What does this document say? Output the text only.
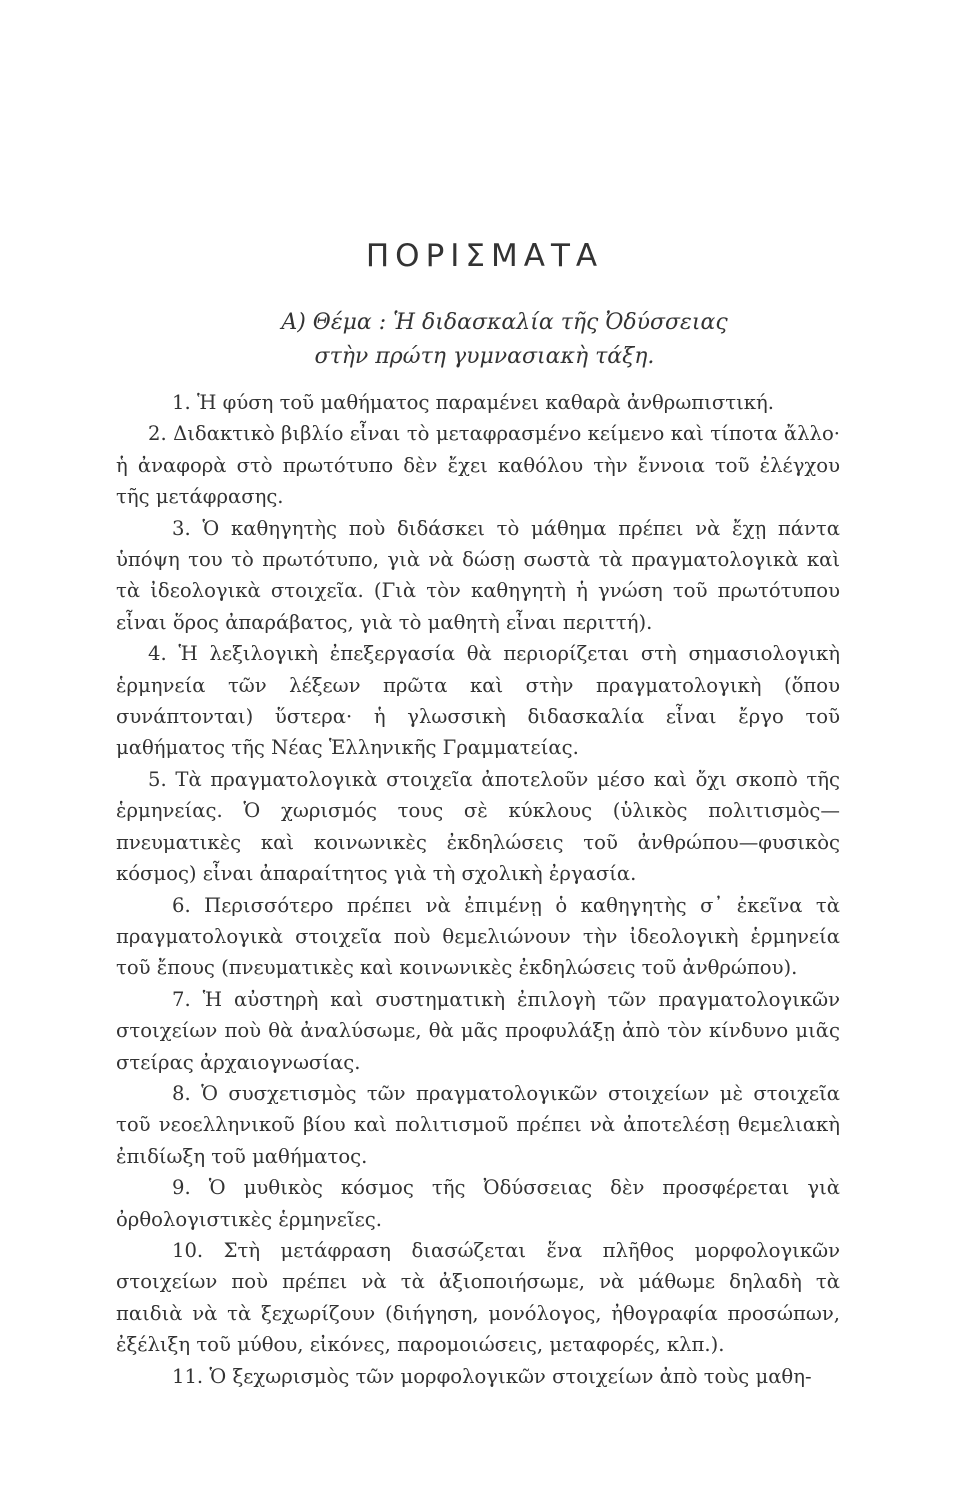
ΠΟΡΙΣΜΑΤΑ
Α) Θέμα : Ἡ διδασκαλία τῆς Ὀδύσσειας
στὴν πρώτη γυμνασιακὴ τάξη.

1. Ἡ φύση τοῦ μαθήματος παραμένει καθαρὰ ἀνθρωπιστική.

2. Διδακτικὸ βιβλίο εἶναι τὸ μεταφρασμένο κείμενο καὶ τίποτα ἄλλο· ἡ ἀναφορὰ στὸ πρωτότυπο δὲν ἔχει καθόλου τὴν ἔννοια τοῦ ἐλέγχου τῆς μετάφρασης.

3. Ὁ καθηγητὴς ποὺ διδάσκει τὸ μάθημα πρέπει νὰ ἔχῃ πάντα ὑπόψη του τὸ πρωτότυπο, γιὰ νὰ δώσῃ σωστὰ τὰ πραγματολογικὰ καὶ τὰ ἰδεολογικὰ στοιχεῖα. (Γιὰ τὸν καθηγητὴ ἡ γνώση τοῦ πρωτότυπου εἶναι ὅρος ἀπαράβατος, γιὰ τὸ μαθητὴ εἶναι περιττή).

4. Ἡ λεξιλογικὴ ἐπεξεργασία θὰ περιορίζεται στὴ σημασιολογικὴ ἑρμηνεία τῶν λέξεων πρῶτα καὶ στὴν πραγματολογικὴ (ὅπου συνάπτονται) ὕστερα· ἡ γλωσσικὴ διδασκαλία εἶναι ἔργο τοῦ μαθήματος τῆς Νέας Ἑλληνικῆς Γραμματείας.

5. Τὰ πραγματολογικὰ στοιχεῖα ἀποτελοῦν μέσο καὶ ὄχι σκοπὸ τῆς ἑρμηνείας. Ὁ χωρισμός τους σὲ κύκλους (ὑλικὸς πολιτισμὸς— πνευματικὲς καὶ κοινωνικὲς ἐκδηλώσεις τοῦ ἀνθρώπου—φυσικὸς κόσμος) εἶναι ἀπαραίτητος γιὰ τὴ σχολικὴ ἐργασία.

6. Περισσότερο πρέπει νὰ ἐπιμένῃ ὁ καθηγητὴς σ᾿ ἐκεῖνα τὰ πραγματολογικὰ στοιχεῖα ποὺ θεμελιώνουν τὴν ἰδεολογικὴ ἑρμηνεία τοῦ ἔπους (πνευματικὲς καὶ κοινωνικὲς ἐκδηλώσεις τοῦ ἀνθρώπου).

7. Ἡ αὐστηρὴ καὶ συστηματικὴ ἐπιλογὴ τῶν πραγματολογικῶν στοιχείων ποὺ θὰ ἀναλύσωμε, θὰ μᾶς προφυλάξῃ ἀπὸ τὸν κίνδυνο μιᾶς στείρας ἀρχαιογνωσίας.

8. Ὁ συσχετισμὸς τῶν πραγματολογικῶν στοιχείων μὲ στοιχεῖα τοῦ νεοελληνικοῦ βίου καὶ πολιτισμοῦ πρέπει νὰ ἀποτελέσῃ θεμελιακὴ ἐπιδίωξη τοῦ μαθήματος.

9. Ὁ μυθικὸς κόσμος τῆς Ὀδύσσειας δὲν προσφέρεται γιὰ ὀρθολογιστικὲς ἑρμηνεῖες.

10. Στὴ μετάφραση διασώζεται ἕνα πλῆθος μορφολογικῶν στοιχείων ποὺ πρέπει νὰ τὰ ἀξιοποιήσωμε, νὰ μάθωμε δηλαδὴ τὰ παιδιὰ νὰ τὰ ξεχωρίζουν (διήγηση, μονόλογος, ἠθογραφία προσώπων, ἐξέλιξη τοῦ μύθου, εἰκόνες, παρομοιώσεις, μεταφορές, κλπ.).

11. Ὁ ξεχωρισμὸς τῶν μορφολογικῶν στοιχείων ἀπὸ τοὺς μαθη-
